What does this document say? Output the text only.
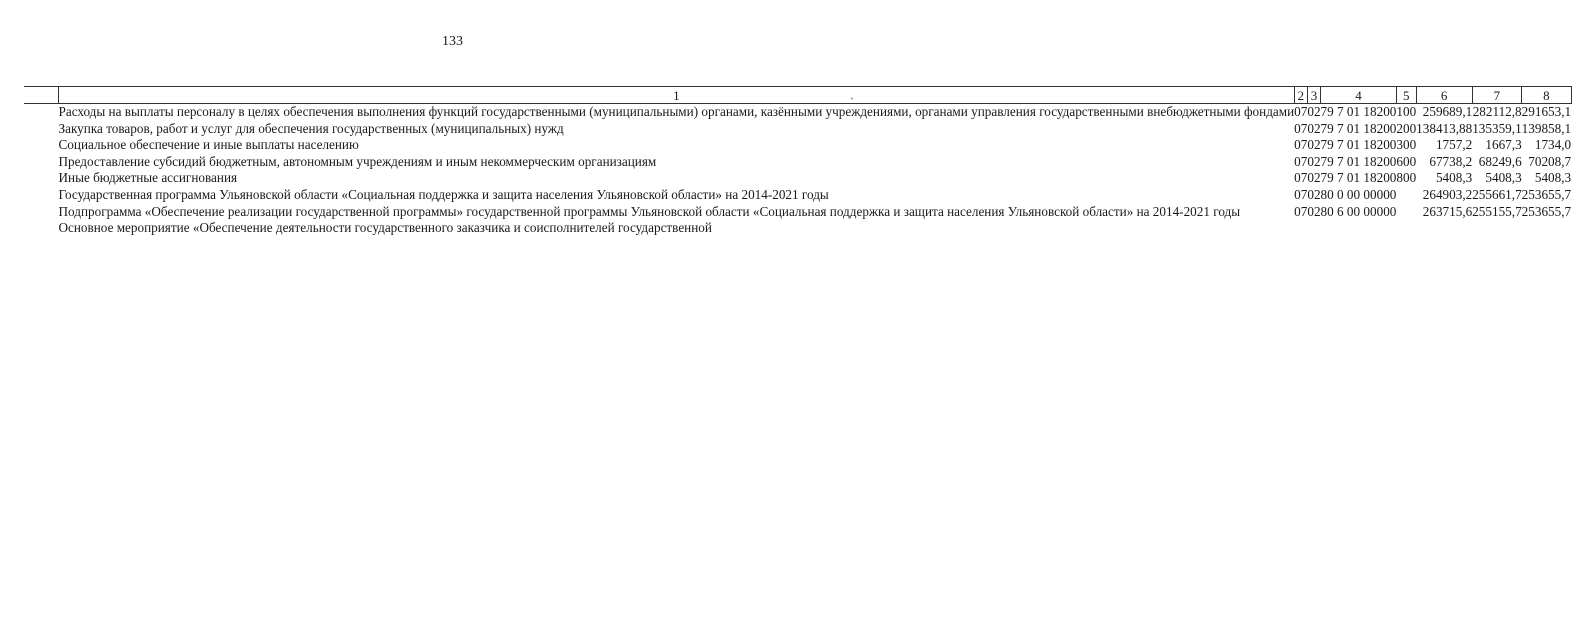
133
1	2	3	4	5	6	7	8
Расходы на выплаты персоналу в целях обеспечения выполнения функций государственными (муниципальными) органами, казёнными учреждениями, органами управления государственными внебюджетными фондами	07	02	79 7 01 18200	100	259689,1	282112,8	291653,1
Закупка товаров, работ и услуг для обеспечения государственных (муниципальных) нужд	07	02	79 7 01 18200	200	138413,88	135359,1	139858,1
Социальное обеспечение и иные выплаты населению	07	02	79 7 01 18200	300	1757,2	1667,3	1734,0
Предоставление субсидий бюджетным, автономным учреждениям и иным некоммерческим организациям	07	02	79 7 01 18200	600	67738,2	68249,6	70208,7
Иные бюджетные ассигнования	07	02	79 7 01 18200	800	5408,3	5408,3	5408,3
Государственная программа Ульяновской области «Социальная поддержка и защита населения Ульяновской области» на 2014-2021 годы	07	02	80 0 00 00000		264903,2	255661,7	253655,7
Подпрограмма «Обеспечение реализации государственной программы» государственной программы Ульяновской области «Социальная поддержка и защита населения Ульяновской области» на 2014-2021 годы	07	02	80 6 00 00000		263715,6	255155,7	253655,7
Основное мероприятие «Обеспечение деятельности государственного заказчика и соисполнителей государственной							
ˎ
